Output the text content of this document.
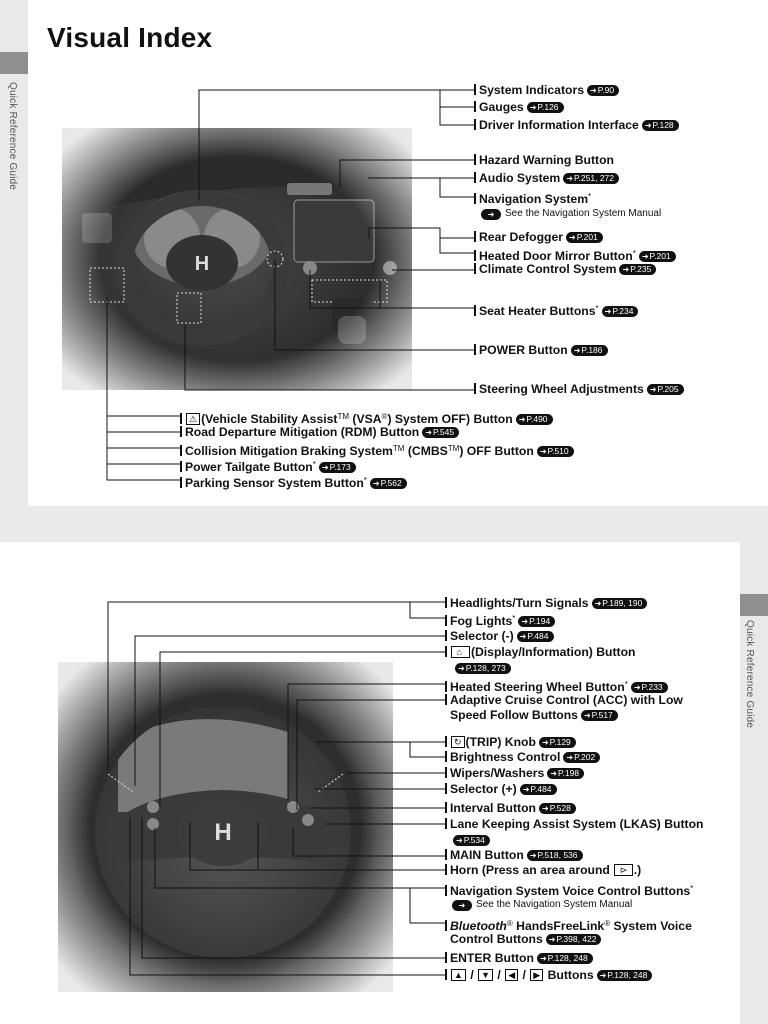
Quick Reference Guide
Quick Reference Guide
Visual Index
System Indicators ➜P.90
Gauges ➜P.126
Driver Information Interface ➜P.128
Hazard Warning Button
Audio System ➜P.251, 272
Navigation System*
➜ See the Navigation System Manual
Rear Defogger ➜P.201
Heated Door Mirror Button* ➜P.201
Climate Control System ➜P.235
Seat Heater Buttons* ➜P.234
POWER Button ➜P.186
Steering Wheel Adjustments ➜P.205
⚠ (Vehicle Stability Assist™ (VSA®) System OFF) Button ➜P.490
Road Departure Mitigation (RDM) Button ➜P.545
Collision Mitigation Braking System™ (CMBS™) OFF Button ➜P.510
Power Tailgate Button* ➜P.173
Parking Sensor System Button* ➜P.562
Headlights/Turn Signals ➜P.189, 190
Fog Lights* ➜P.194
Selector (-) ➜P.484
⌂  (Display/Information) Button
➜P.128, 273
Heated Steering Wheel Button* ➜P.233
Adaptive Cruise Control (ACC) with Low
Speed Follow Buttons ➜P.517
↻ (TRIP) Knob ➜P.129
Brightness Control ➜P.202
Wipers/Washers ➜P.198
Selector (+) ➜P.484
Interval Button ➜P.528
Lane Keeping Assist System (LKAS) Button
➜P.534
MAIN Button ➜P.518, 536
Horn (Press an area around  ⊳ .)
Navigation System Voice Control Buttons*
➜ See the Navigation System Manual
Bluetooth® HandsFreeLink® System Voice
Control Buttons ➜P.398, 422
ENTER Button ➜P.128, 248
▲ / ▼ / ◀ / ▶ Buttons ➜P.128, 248
